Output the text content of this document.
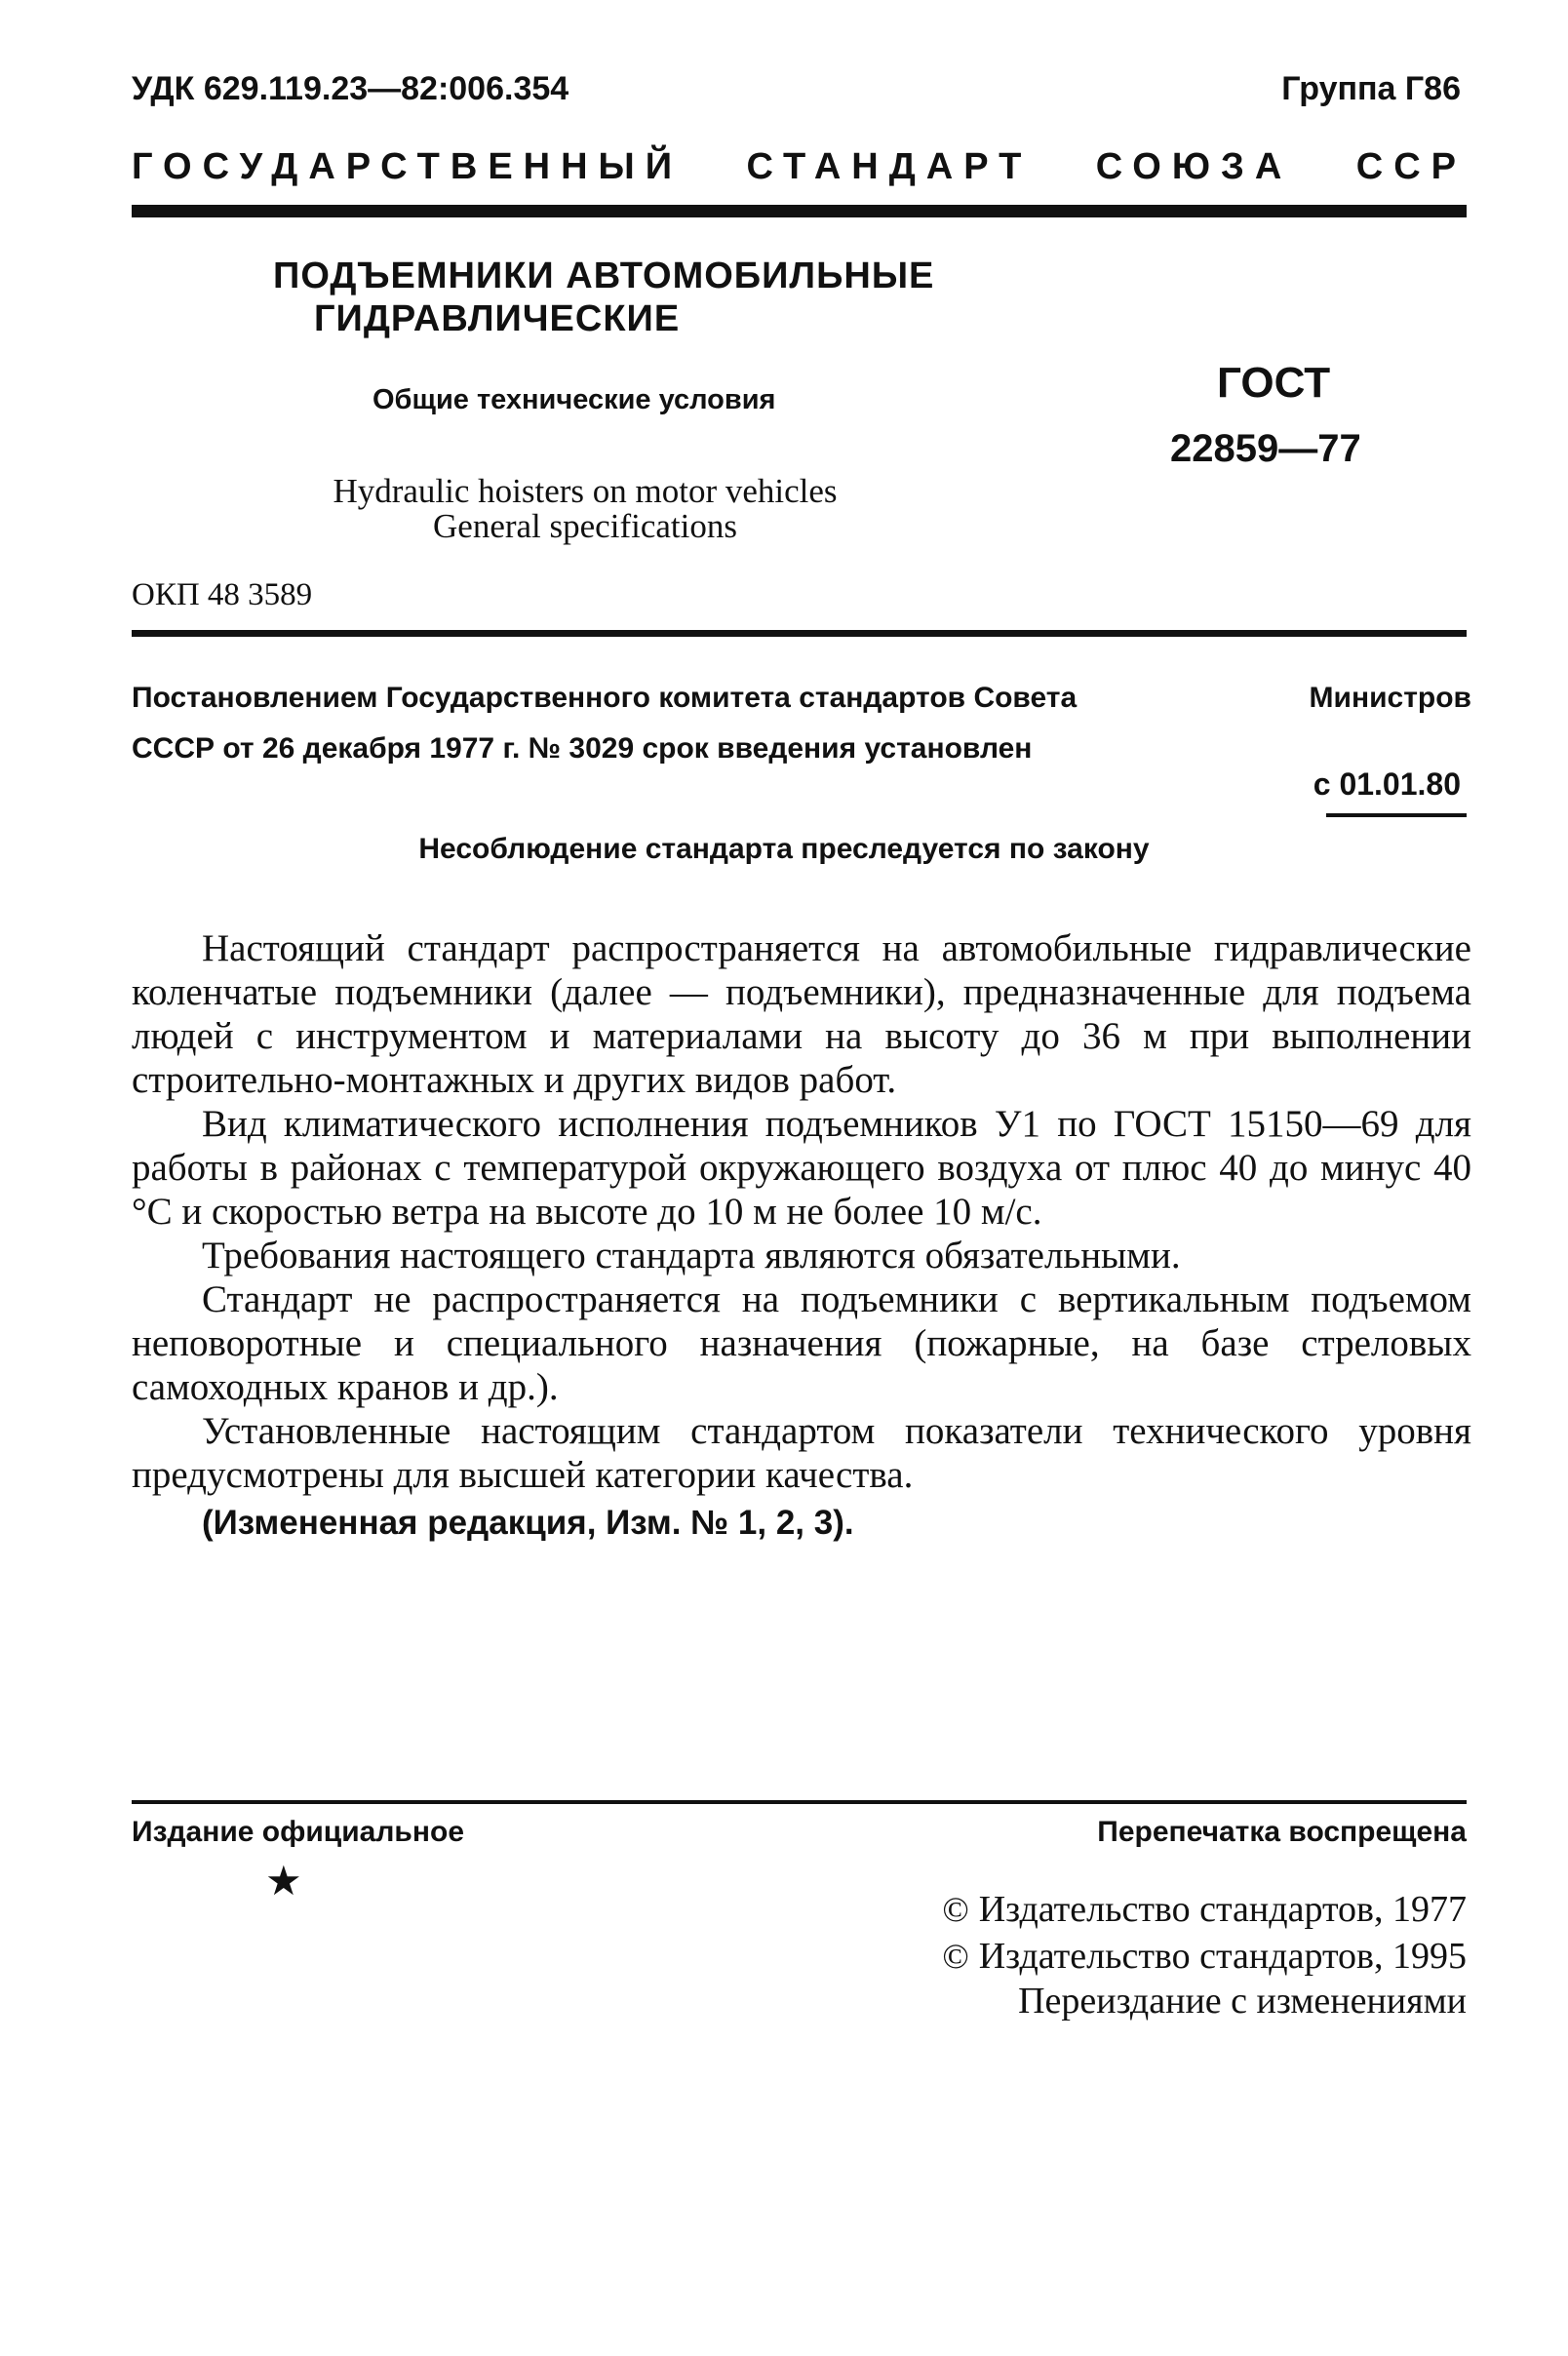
УДК 629.119.23—82:006.354	Группа Г86
ГОСУДАРСТВЕННЫЙ СТАНДАРТ СОЮЗА ССР
ПОДЪЕМНИКИ АВТОМОБИЛЬНЫЕ
ГИДРАВЛИЧЕСКИЕ
Общие технические условия
Hydraulic hoisters on motor vehicles
General specifications
ГОСТ
22859—77
ОКП 48 3589
Постановлением Государственного комитета стандартов Совета	Министров
СССР от 26 декабря 1977 г. № 3029 срок введения установлен
с 01.01.80
Несоблюдение стандарта преследуется по закону

Настоящий стандарт распространяется на автомобильные гидравлические коленчатые подъемники (далее — подъемники), предназначенные для подъема людей с инструментом и материалами на высоту до 36 м при выполнении строительно-монтажных и других видов работ.

Вид климатического исполнения подъемников У1 по ГОСТ 15150—69 для работы в районах с температурой окружающего воздуха от плюс 40 до минус 40 °С и скоростью ветра на высоте до 10 м не более 10 м/с.

Требования настоящего стандарта являются обязательными.

Стандарт не распространяется на подъемники с вертикальным подъемом неповоротные и специального назначения (пожарные, на базе стреловых самоходных кранов и др.).

Установленные настоящим стандартом показатели технического уровня предусмотрены для высшей категории качества.

(Измененная редакция, Изм. № 1, 2, 3).

Издание официальное
★
Перепечатка воспрещена
© Издательство стандартов, 1977
© Издательство стандартов, 1995
Переиздание с изменениями
